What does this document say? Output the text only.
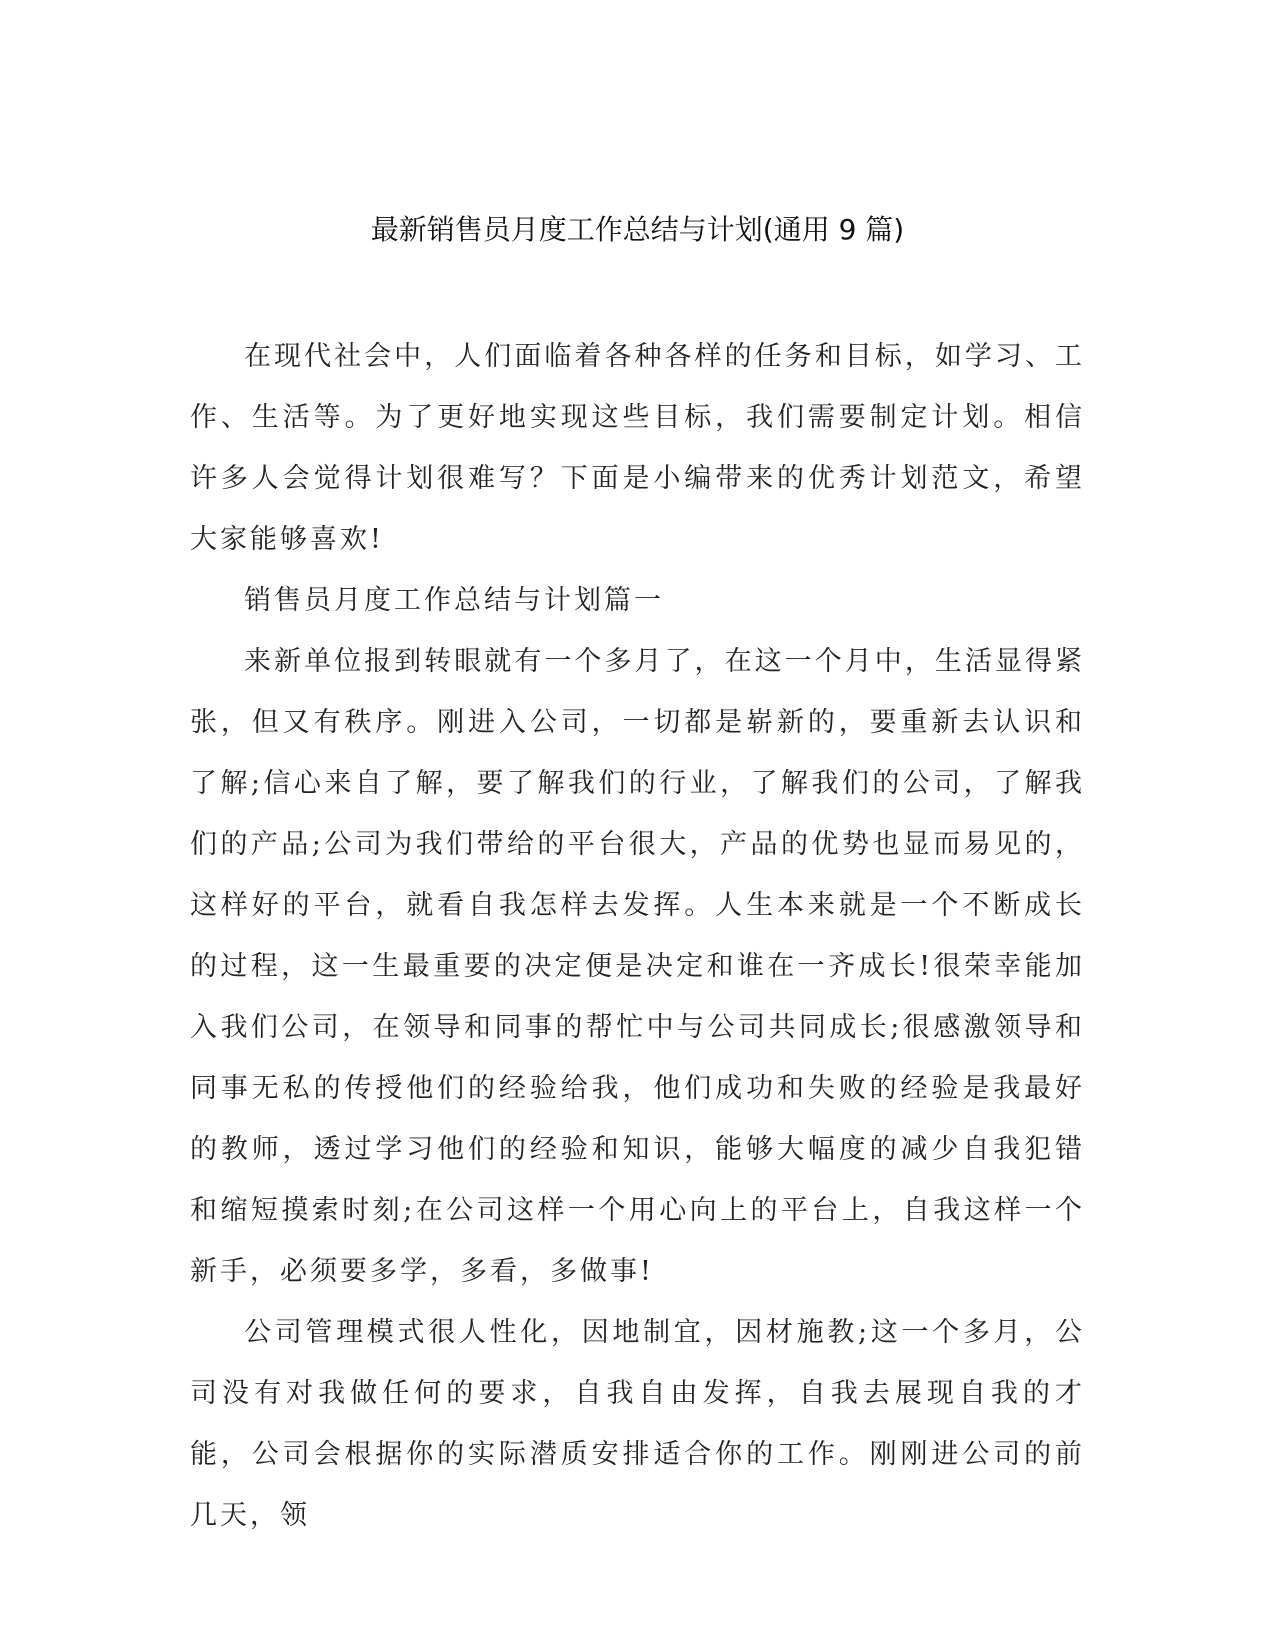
最新销售员月度工作总结与计划(通用 9 篇)

在现代社会中，人们面临着各种各样的任务和目标，如学习、工作、生活等。为了更好地实现这些目标，我们需要制定计划。相信许多人会觉得计划很难写？下面是小编带来的优秀计划范文，希望大家能够喜欢!

销售员月度工作总结与计划篇一

来新单位报到转眼就有一个多月了，在这一个月中，生活显得紧张，但又有秩序。刚进入公司，一切都是崭新的，要重新去认识和了解;信心来自了解，要了解我们的行业，了解我们的公司，了解我们的产品;公司为我们带给的平台很大，产品的优势也显而易见的，这样好的平台，就看自我怎样去发挥。人生本来就是一个不断成长的过程，这一生最重要的决定便是决定和谁在一齐成长!很荣幸能加入我们公司，在领导和同事的帮忙中与公司共同成长;很感激领导和同事无私的传授他们的经验给我，他们成功和失败的经验是我最好的教师，透过学习他们的经验和知识，能够大幅度的减少自我犯错和缩短摸索时刻;在公司这样一个用心向上的平台上，自我这样一个新手，必须要多学，多看，多做事!

公司管理模式很人性化，因地制宜，因材施教;这一个多月，公司没有对我做任何的要求，自我自由发挥，自我去展现自我的才能，公司会根据你的实际潜质安排适合你的工作。刚刚进公司的前几天，领
